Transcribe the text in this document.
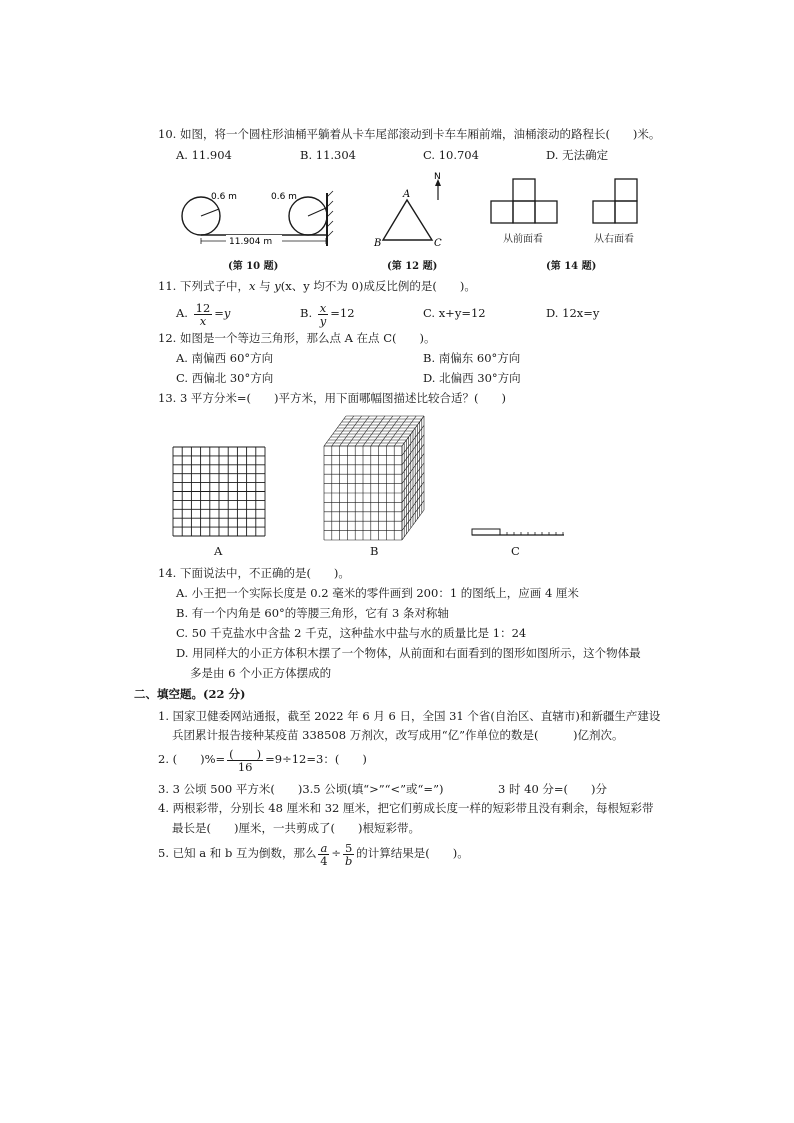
10. 如图，将一个圆柱形油桶平躺着从卡车尾部滚动到卡车车厢前端，油桶滚动的路程长(　　)米。
A. 11.904	B. 11.304	C. 10.704	D. 无法确定
0.6 m	0.6 m
11.904 m
(第 10 题)
N
A
B	C
(第 12 题)
从前面看	从右面看
(第 14 题)
11. 下列式子中，x 与 y(x、y 均不为 0)成反比例的是(　　)。
A. $\frac{12}{x} =y$	B. $\frac{x}{y} =12$	C. x+y=12	D. 12x=y
12. 如图是一个等边三角形，那么点 A 在点 C(　　)。
A. 南偏西 60°方向	B. 南偏东 60°方向
C. 西偏北 30°方向	D. 北偏西 30°方向
13. 3 平方分米=(　　)平方米，用下面哪幅图描述比较合适？(　　)
A	B	C
14. 下面说法中，不正确的是(　　)。
A. 小王把一个实际长度是 0.2 毫米的零件画到 200：1 的图纸上，应画 4 厘米
B. 有一个内角是 60°的等腰三角形，它有 3 条对称轴
C. 50 千克盐水中含盐 2 千克，这种盐水中盐与水的质量比是 1：24
D. 用同样大的小正方体积木摆了一个物体，从前面和右面看到的图形如图所示，这个物体最
多是由 6 个小正方体摆成的
二、填空题。(22 分)
1. 国家卫健委网站通报，截至 2022 年 6 月 6 日，全国 31 个省(自治区、直辖市)和新疆生产建设
兵团累计报告接种某疫苗 338508 万剂次，改写成用“亿”作单位的数是(　　　)亿剂次。
2. (　　)%= $\frac{( )}{16} =9\div 12=3$：(　　)
3. 3 公顷 500 平方米(　　)3.5 公顷(填“>”“<”或“=”)	3 时 40 分=(　　)分
4. 两根彩带，分别长 48 厘米和 32 厘米，把它们剪成长度一样的短彩带且没有剩余，每根短彩带
最长是(　　)厘米，一共剪成了(　　)根短彩带。
5. 已知 a 和 b 互为倒数，那么 $\frac{a}{4} \div \frac{5}{b}$ 的计算结果是(　　)。
